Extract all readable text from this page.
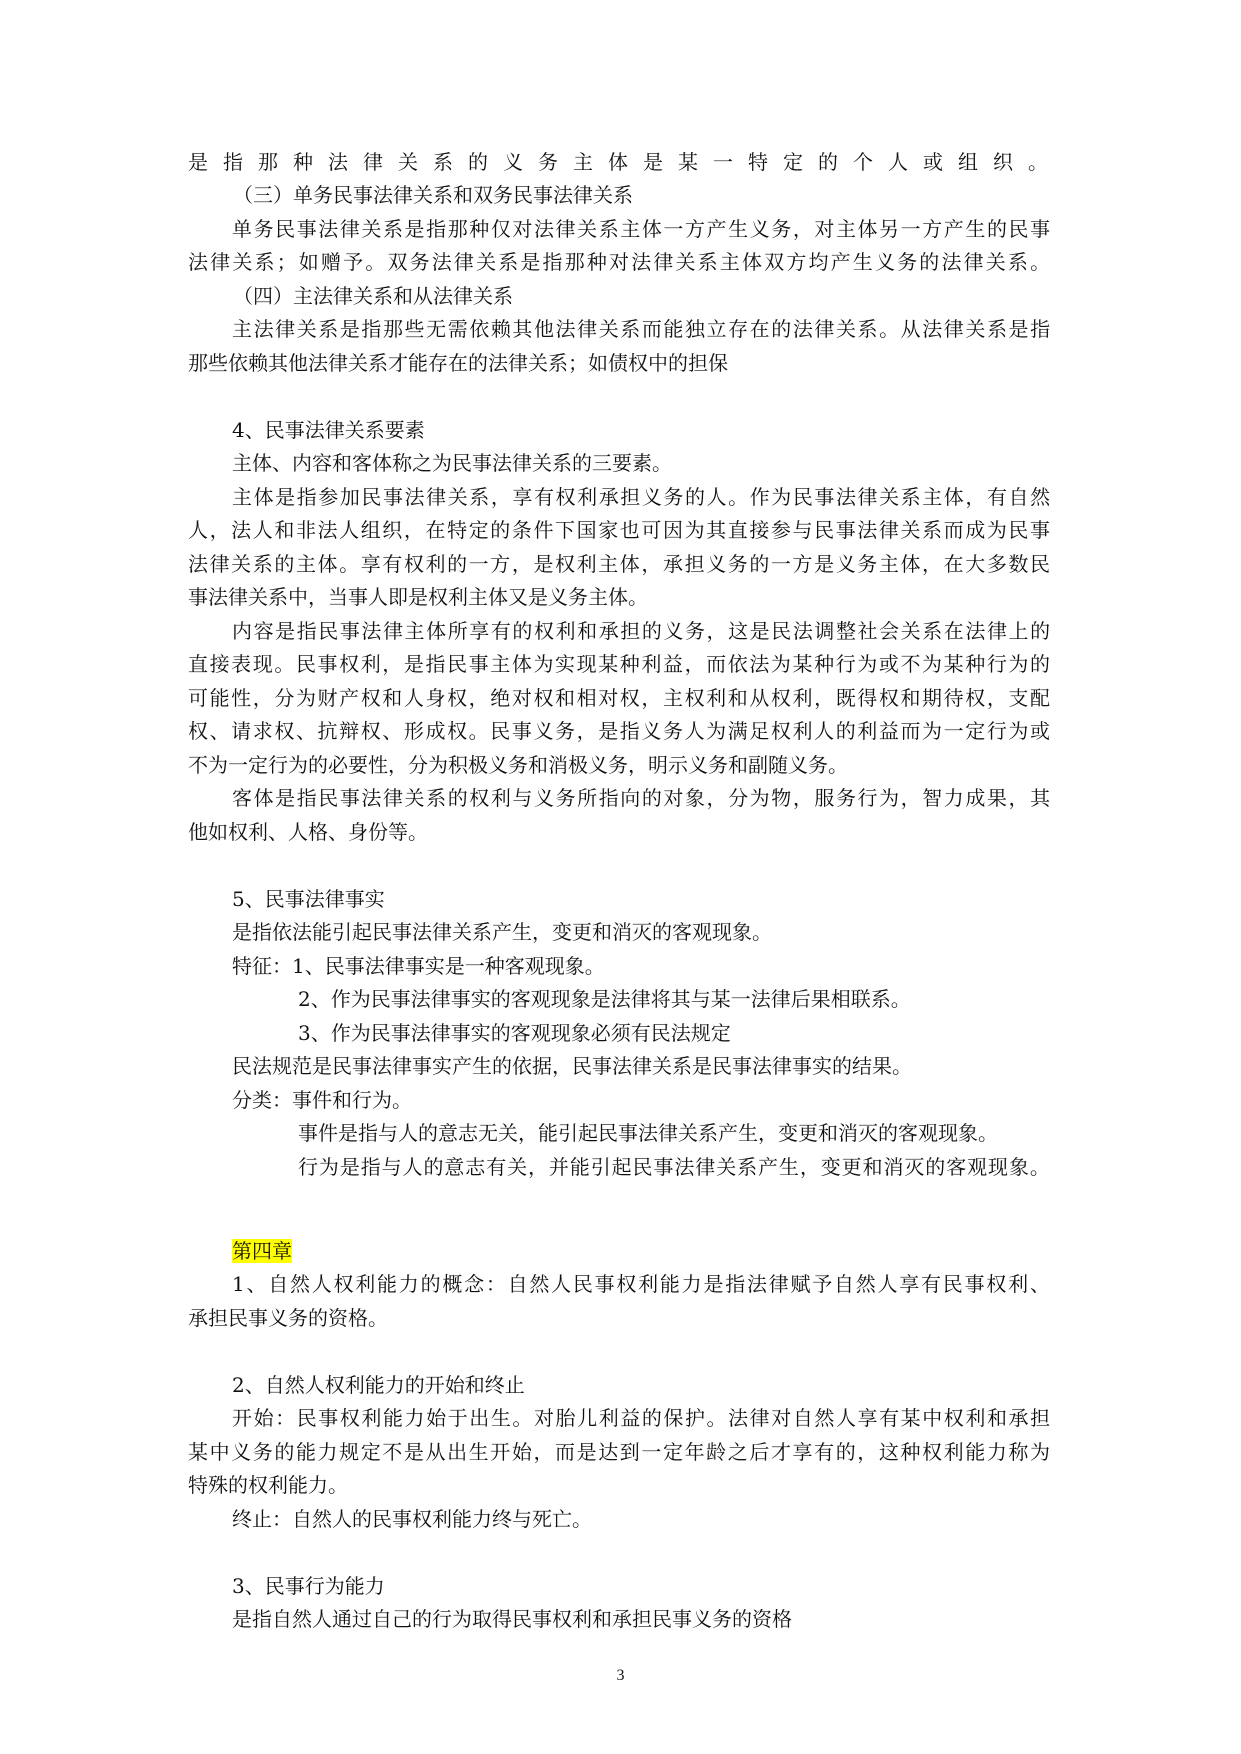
是指那种法律关系的义务主体是某一特定的个人或组织。
（三）单务民事法律关系和双务民事法律关系
单务民事法律关系是指那种仅对法律关系主体一方产生义务，对主体另一方产生的民事
法律关系；如赠予。双务法律关系是指那种对法律关系主体双方均产生义务的法律关系。
（四）主法律关系和从法律关系
主法律关系是指那些无需依赖其他法律关系而能独立存在的法律关系。从法律关系是指
那些依赖其他法律关系才能存在的法律关系；如债权中的担保
4、民事法律关系要素
主体、内容和客体称之为民事法律关系的三要素。
主体是指参加民事法律关系，享有权利承担义务的人。作为民事法律关系主体，有自然
人，法人和非法人组织，在特定的条件下国家也可因为其直接参与民事法律关系而成为民事
法律关系的主体。享有权利的一方，是权利主体，承担义务的一方是义务主体，在大多数民
事法律关系中，当事人即是权利主体又是义务主体。
内容是指民事法律主体所享有的权利和承担的义务，这是民法调整社会关系在法律上的
直接表现。民事权利，是指民事主体为实现某种利益，而依法为某种行为或不为某种行为的
可能性，分为财产权和人身权，绝对权和相对权，主权利和从权利，既得权和期待权，支配
权、请求权、抗辩权、形成权。民事义务，是指义务人为满足权利人的利益而为一定行为或
不为一定行为的必要性，分为积极义务和消极义务，明示义务和副随义务。
客体是指民事法律关系的权利与义务所指向的对象，分为物，服务行为，智力成果，其
他如权利、人格、身份等。
5、民事法律事实
是指依法能引起民事法律关系产生，变更和消灭的客观现象。
特征：1、民事法律事实是一种客观现象。
2、作为民事法律事实的客观现象是法律将其与某一法律后果相联系。
3、作为民事法律事实的客观现象必须有民法规定
民法规范是民事法律事实产生的依据，民事法律关系是民事法律事实的结果。
分类：事件和行为。
事件是指与人的意志无关，能引起民事法律关系产生，变更和消灭的客观现象。
行为是指与人的意志有关，并能引起民事法律关系产生，变更和消灭的客观现象。
第四章
1、自然人权利能力的概念：自然人民事权利能力是指法律赋予自然人享有民事权利、
承担民事义务的资格。
2、自然人权利能力的开始和终止
开始：民事权利能力始于出生。对胎儿利益的保护。法律对自然人享有某中权利和承担
某中义务的能力规定不是从出生开始，而是达到一定年龄之后才享有的，这种权利能力称为
特殊的权利能力。
终止：自然人的民事权利能力终与死亡。
3、民事行为能力
是指自然人通过自己的行为取得民事权利和承担民事义务的资格
3
